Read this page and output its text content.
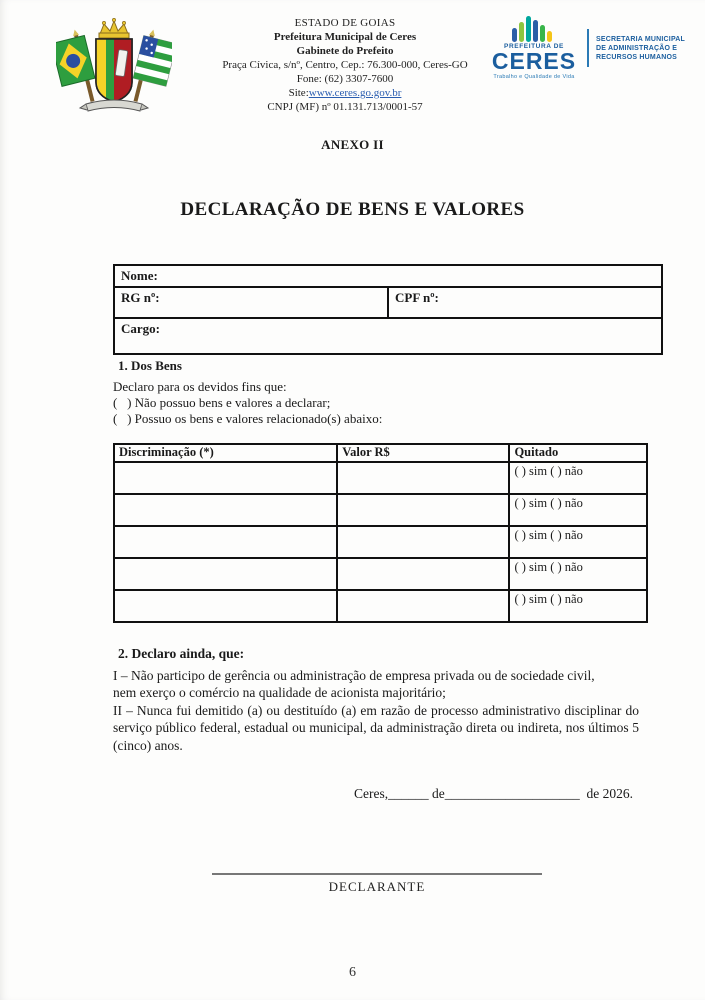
ESTADO DE GOIAS
Prefeitura Municipal de Ceres
Gabinete do Prefeito
Praça Cívica, s/nº, Centro, Cep.: 76.300-000, Ceres-GO
Fone: (62) 3307-7600
Site:www.ceres.go.gov.br
CNPJ (MF) nº 01.131.713/0001-57
PREFEITURA DE
CERES
Trabalho e Qualidade de Vida
SECRETARIA MUNICIPAL
DE ADMINISTRAÇÃO E
RECURSOS HUMANOS
ANEXO II
DECLARAÇÃO DE BENS E VALORES
Nome:
RG nº:	CPF nº:
Cargo:
1. Dos Bens
Declaro para os devidos fins que:
(   ) Não possuo bens e valores a declarar;
(   ) Possuo os bens e valores relacionado(s) abaixo:
Discriminação (*)	Valor R$	Quitado
		( ) sim ( ) não
		( ) sim ( ) não
		( ) sim ( ) não
		( ) sim ( ) não
		( ) sim ( ) não
2. Declaro ainda, que:
I – Não participo de gerência ou administração de empresa privada ou de sociedade civil, nem exerço o comércio na qualidade de acionista majoritário;
II – Nunca fui demitido (a) ou destituído (a) em razão de processo administrativo disciplinar do serviço público federal, estadual ou municipal, da administração direta ou indireta, nos últimos 5 (cinco) anos.
Ceres,______ de____________________  de 2026.
DECLARANTE
6
